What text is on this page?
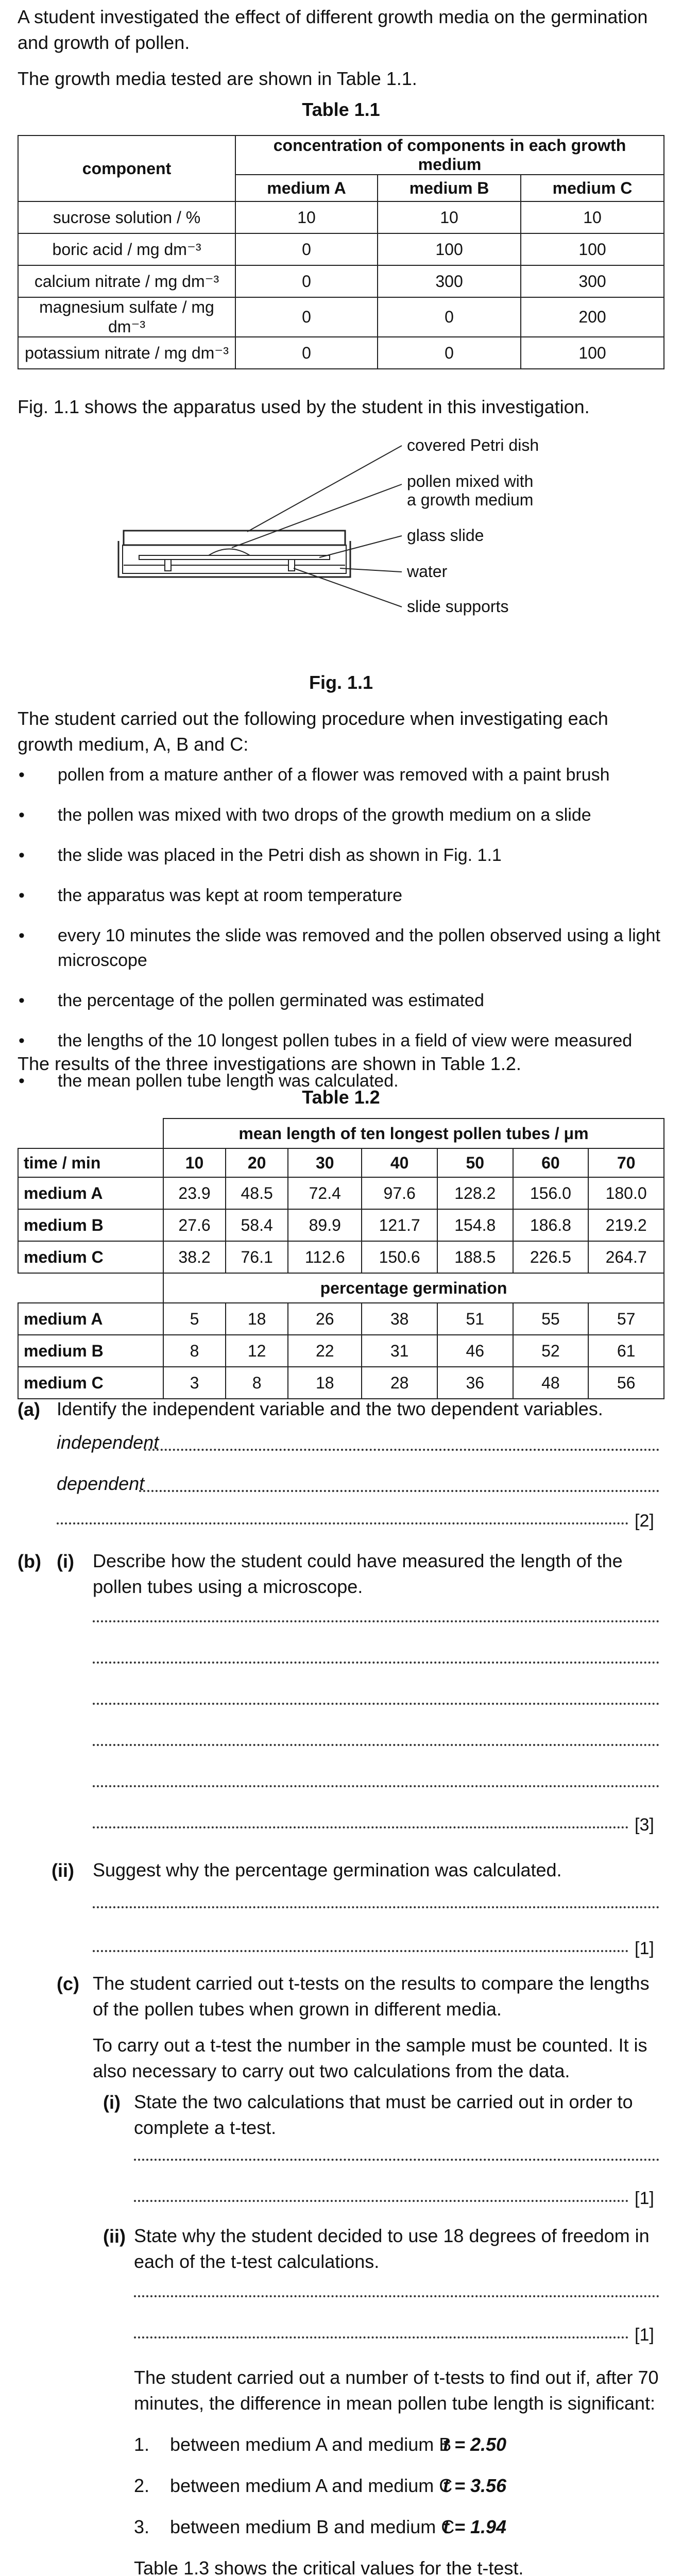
A student investigated the effect of different growth media on the germination and growth of pollen.

The growth media tested are shown in Table 1.1.

Table 1.1

component	concentration of components in each growth medium		
	medium A	medium B	medium C
sucrose solution / %	10	10	10
boric acid / mg dm⁻³	0	100	100
calcium nitrate / mg dm⁻³	0	300	300
magnesium sulfate / mg dm⁻³	0	0	200
potassium nitrate / mg dm⁻³	0	0	100

Fig. 1.1 shows the apparatus used by the student in this investigation.

covered Petri dish
pollen mixed with
a growth medium
glass slide
water
slide supports

Fig. 1.1

The student carried out the following procedure when investigating each growth medium, A, B and C:

• pollen from a mature anther of a flower was removed with a paint brush
• the pollen was mixed with two drops of the growth medium on a slide
• the slide was placed in the Petri dish as shown in Fig. 1.1
• the apparatus was kept at room temperature
• every 10 minutes the slide was removed and the pollen observed using a light microscope
• the percentage of the pollen germinated was estimated
• the lengths of the 10 longest pollen tubes in a field of view were measured
• the mean pollen tube length was calculated.

The results of the three investigations are shown in Table 1.2.

Table 1.2

	mean length of ten longest pollen tubes / μm						
time / min	10	20	30	40	50	60	70
medium A	23.9	48.5	72.4	97.6	128.2	156.0	180.0
medium B	27.6	58.4	89.9	121.7	154.8	186.8	219.2
medium C	38.2	76.1	112.6	150.6	188.5	226.5	264.7
	percentage germination						
medium A	5	18	26	38	51	55	57
medium B	8	12	22	31	46	52	61
medium C	3	8	18	28	36	48	56
(a) Identify the independent variable and the two dependent variables.

independent
dependent
[2]
(b) (i) Describe how the student could have measured the length of the pollen tubes using a microscope.

[3]
(ii) Suggest why the percentage germination was calculated.

[1]
(c) The student carried out t-tests on the results to compare the lengths of the pollen tubes when grown in different media.

To carry out a t-test the number in the sample must be counted. It is also necessary to carry out two calculations from the data.

(i) State the two calculations that must be carried out in order to complete a t-test.

[1]
(ii) State why the student decided to use 18 degrees of freedom in each of the t-test calculations.

[1]

The student carried out a number of t-tests to find out if, after 70 minutes, the difference in mean pollen tube length is significant:

1. between medium A and medium B
t = 2.50
2. between medium A and medium C
t = 3.56
3. between medium B and medium C
t = 1.94

Table 1.3 shows the critical values for the t-test.
